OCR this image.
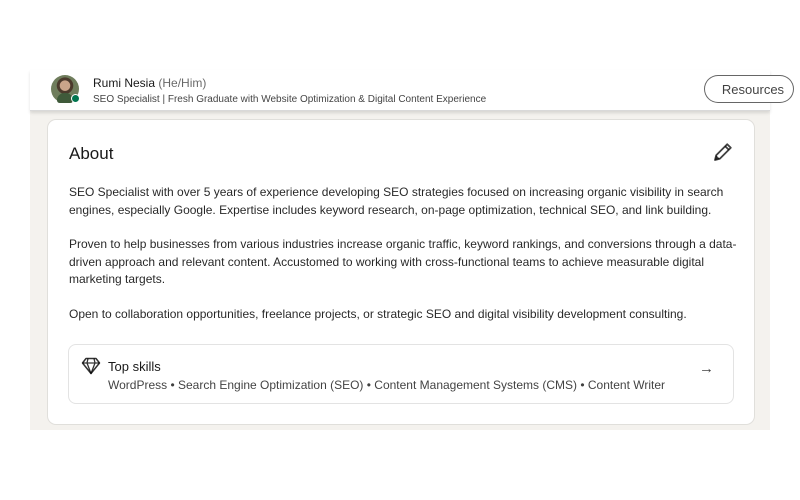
Rumi Nesia (He/Him)
SEO Specialist | Fresh Graduate with Website Optimization & Digital Content Experience
Resources
About

SEO Specialist with over 5 years of experience developing SEO strategies focused on increasing organic visibility in search engines, especially Google. Expertise includes keyword research, on-page optimization, technical SEO, and link building.

Proven to help businesses from various industries increase organic traffic, keyword rankings, and conversions through a data-driven approach and relevant content. Accustomed to working with cross-functional teams to achieve measurable digital marketing targets.

Open to collaboration opportunities, freelance projects, or strategic SEO and digital visibility development consulting.

Top skills
WordPress • Search Engine Optimization (SEO) • Content Management Systems (CMS) • Content Writer
→
